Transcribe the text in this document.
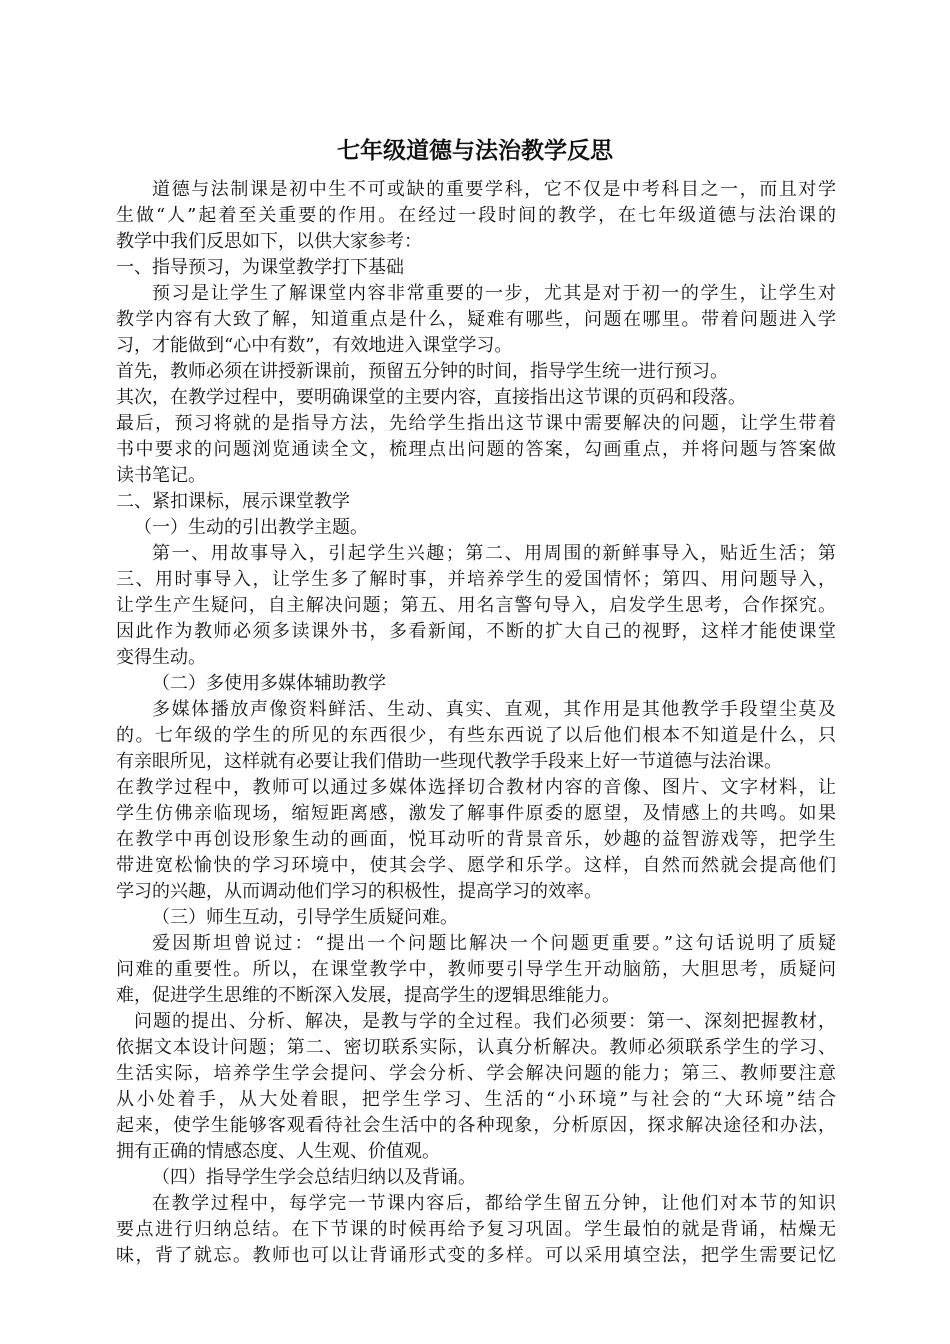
七年级道德与法治教学反思
道德与法制课是初中生不可或缺的重要学科，它不仅是中考科目之一，而且对学
生做“人”起着至关重要的作用。在经过一段时间的教学，在七年级道德与法治课的
教学中我们反思如下，以供大家参考：
一、指导预习，为课堂教学打下基础
预习是让学生了解课堂内容非常重要的一步，尤其是对于初一的学生，让学生对
教学内容有大致了解，知道重点是什么，疑难有哪些，问题在哪里。带着问题进入学
习，才能做到“心中有数”，有效地进入课堂学习。
首先，教师必须在讲授新课前，预留五分钟的时间，指导学生统一进行预习。
其次，在教学过程中，要明确课堂的主要内容，直接指出这节课的页码和段落。
最后，预习将就的是指导方法，先给学生指出这节课中需要解决的问题，让学生带着
书中要求的问题浏览通读全文，梳理点出问题的答案，勾画重点，并将问题与答案做
读书笔记。
二、紧扣课标，展示课堂教学
（一）生动的引出教学主题。
第一、用故事导入，引起学生兴趣；第二、用周围的新鲜事导入，贴近生活；第
三、用时事导入，让学生多了解时事，并培养学生的爱国情怀；第四、用问题导入，
让学生产生疑问，自主解决问题；第五、用名言警句导入，启发学生思考，合作探究。
因此作为教师必须多读课外书，多看新闻，不断的扩大自己的视野，这样才能使课堂
变得生动。
（二）多使用多媒体辅助教学
多媒体播放声像资料鲜活、生动、真实、直观，其作用是其他教学手段望尘莫及
的。七年级的学生的所见的东西很少，有些东西说了以后他们根本不知道是什么，只
有亲眼所见，这样就有必要让我们借助一些现代教学手段来上好一节道德与法治课。
在教学过程中，教师可以通过多媒体选择切合教材内容的音像、图片、文字材料，让
学生仿佛亲临现场，缩短距离感，激发了解事件原委的愿望，及情感上的共鸣。如果
在教学中再创设形象生动的画面，悦耳动听的背景音乐，妙趣的益智游戏等，把学生
带进宽松愉快的学习环境中，使其会学、愿学和乐学。这样，自然而然就会提高他们
学习的兴趣，从而调动他们学习的积极性，提高学习的效率。
（三）师生互动，引导学生质疑问难。
爱因斯坦曾说过：“提出一个问题比解决一个问题更重要。”这句话说明了质疑
问难的重要性。所以，在课堂教学中，教师要引导学生开动脑筋，大胆思考，质疑问
难，促进学生思维的不断深入发展，提高学生的逻辑思维能力。
问题的提出、分析、解决，是教与学的全过程。我们必须要：第一、深刻把握教材，
依据文本设计问题；第二、密切联系实际，认真分析解决。教师必须联系学生的学习、
生活实际，培养学生学会提问、学会分析、学会解决问题的能力；第三、教师要注意
从小处着手，从大处着眼，把学生学习、生活的“小环境”与社会的“大环境”结合
起来，使学生能够客观看待社会生活中的各种现象，分析原因，探求解决途径和办法，
拥有正确的情感态度、人生观、价值观。
（四）指导学生学会总结归纳以及背诵。
在教学过程中，每学完一节课内容后，都给学生留五分钟，让他们对本节的知识
要点进行归纳总结。在下节课的时候再给予复习巩固。学生最怕的就是背诵，枯燥无
味，背了就忘。教师也可以让背诵形式变的多样。可以采用填空法，把学生需要记忆
